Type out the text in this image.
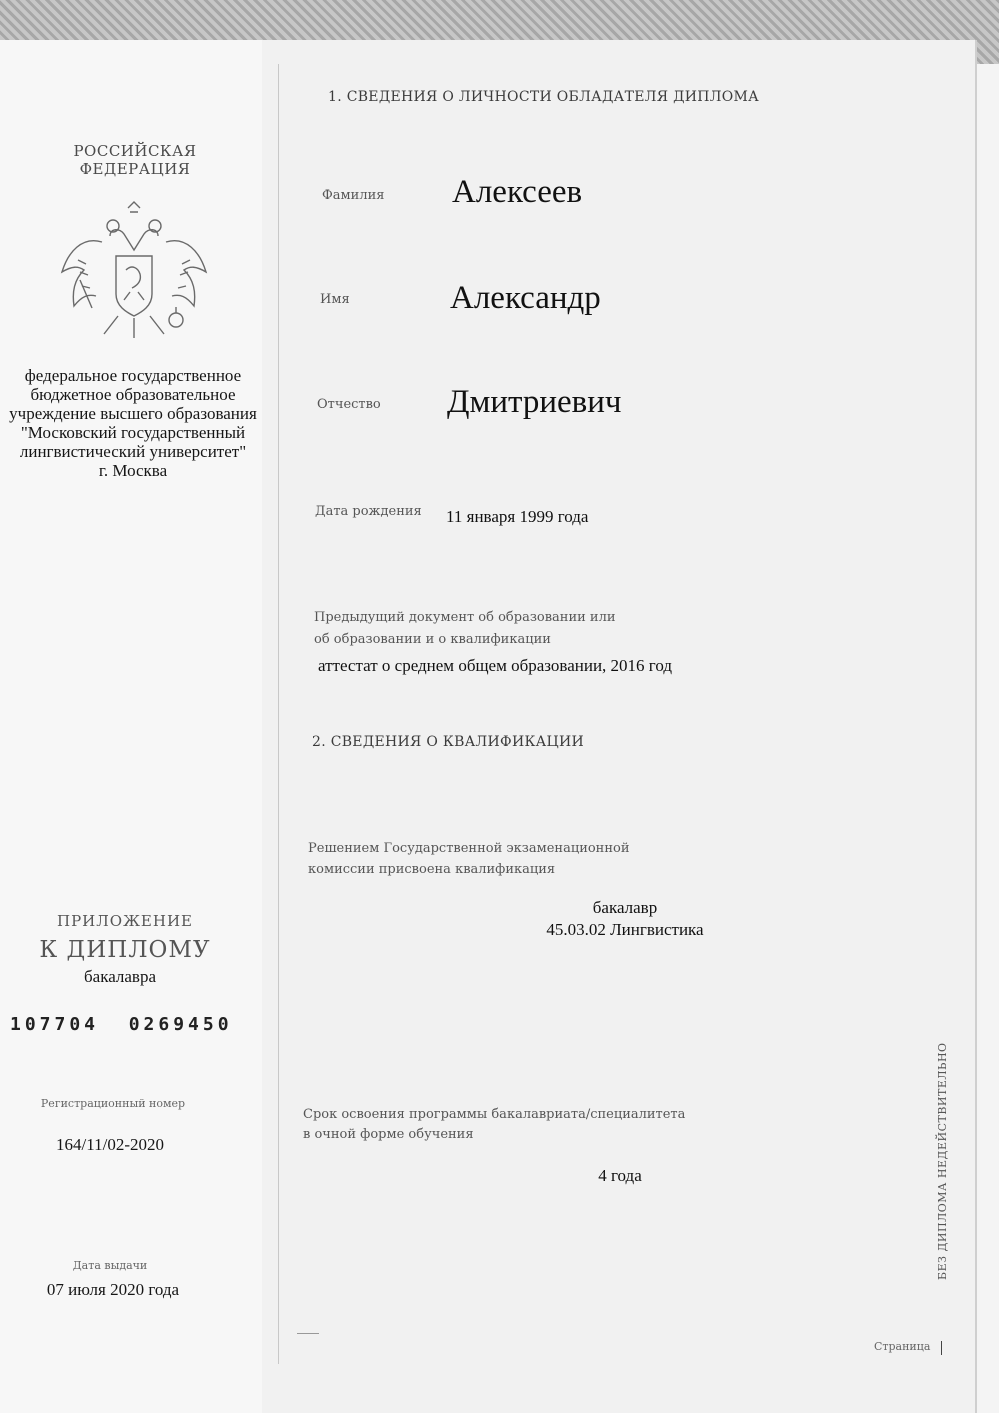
РОССИЙСКАЯ
ФЕДЕРАЦИЯ
федеральное государственное
бюджетное образовательное
учреждение высшего образования
"Московский государственный
лингвистический университет"
г. Москва

ПРИЛОЖЕНИЕ

К ДИПЛОМУ

бакалавра

107704  0269450

Регистрационный номер

164/11/02-2020

Дата выдачи

07 июля 2020 года

1. СВЕДЕНИЯ О ЛИЧНОСТИ ОБЛАДАТЕЛЯ ДИПЛОМА

Фамилия Алексеев

Имя	Александр

Отчество Дмитриевич

Дата рождения 11 января 1999 года

Предыдущий документ об образовании или

об образовании и о квалификации

аттестат о среднем общем образовании, 2016 год

2. СВЕДЕНИЯ О КВАЛИФИКАЦИИ

Решением Государственной экзаменационной

комиссии присвоена квалификация

бакалавр

45.03.02 Лингвистика

Срок освоения программы бакалавриата/специалитета

в очной форме обучения

4 года	БЕЗ ДИПЛОМА НЕДЕЙСТВИТЕЛЬНО

Страница
